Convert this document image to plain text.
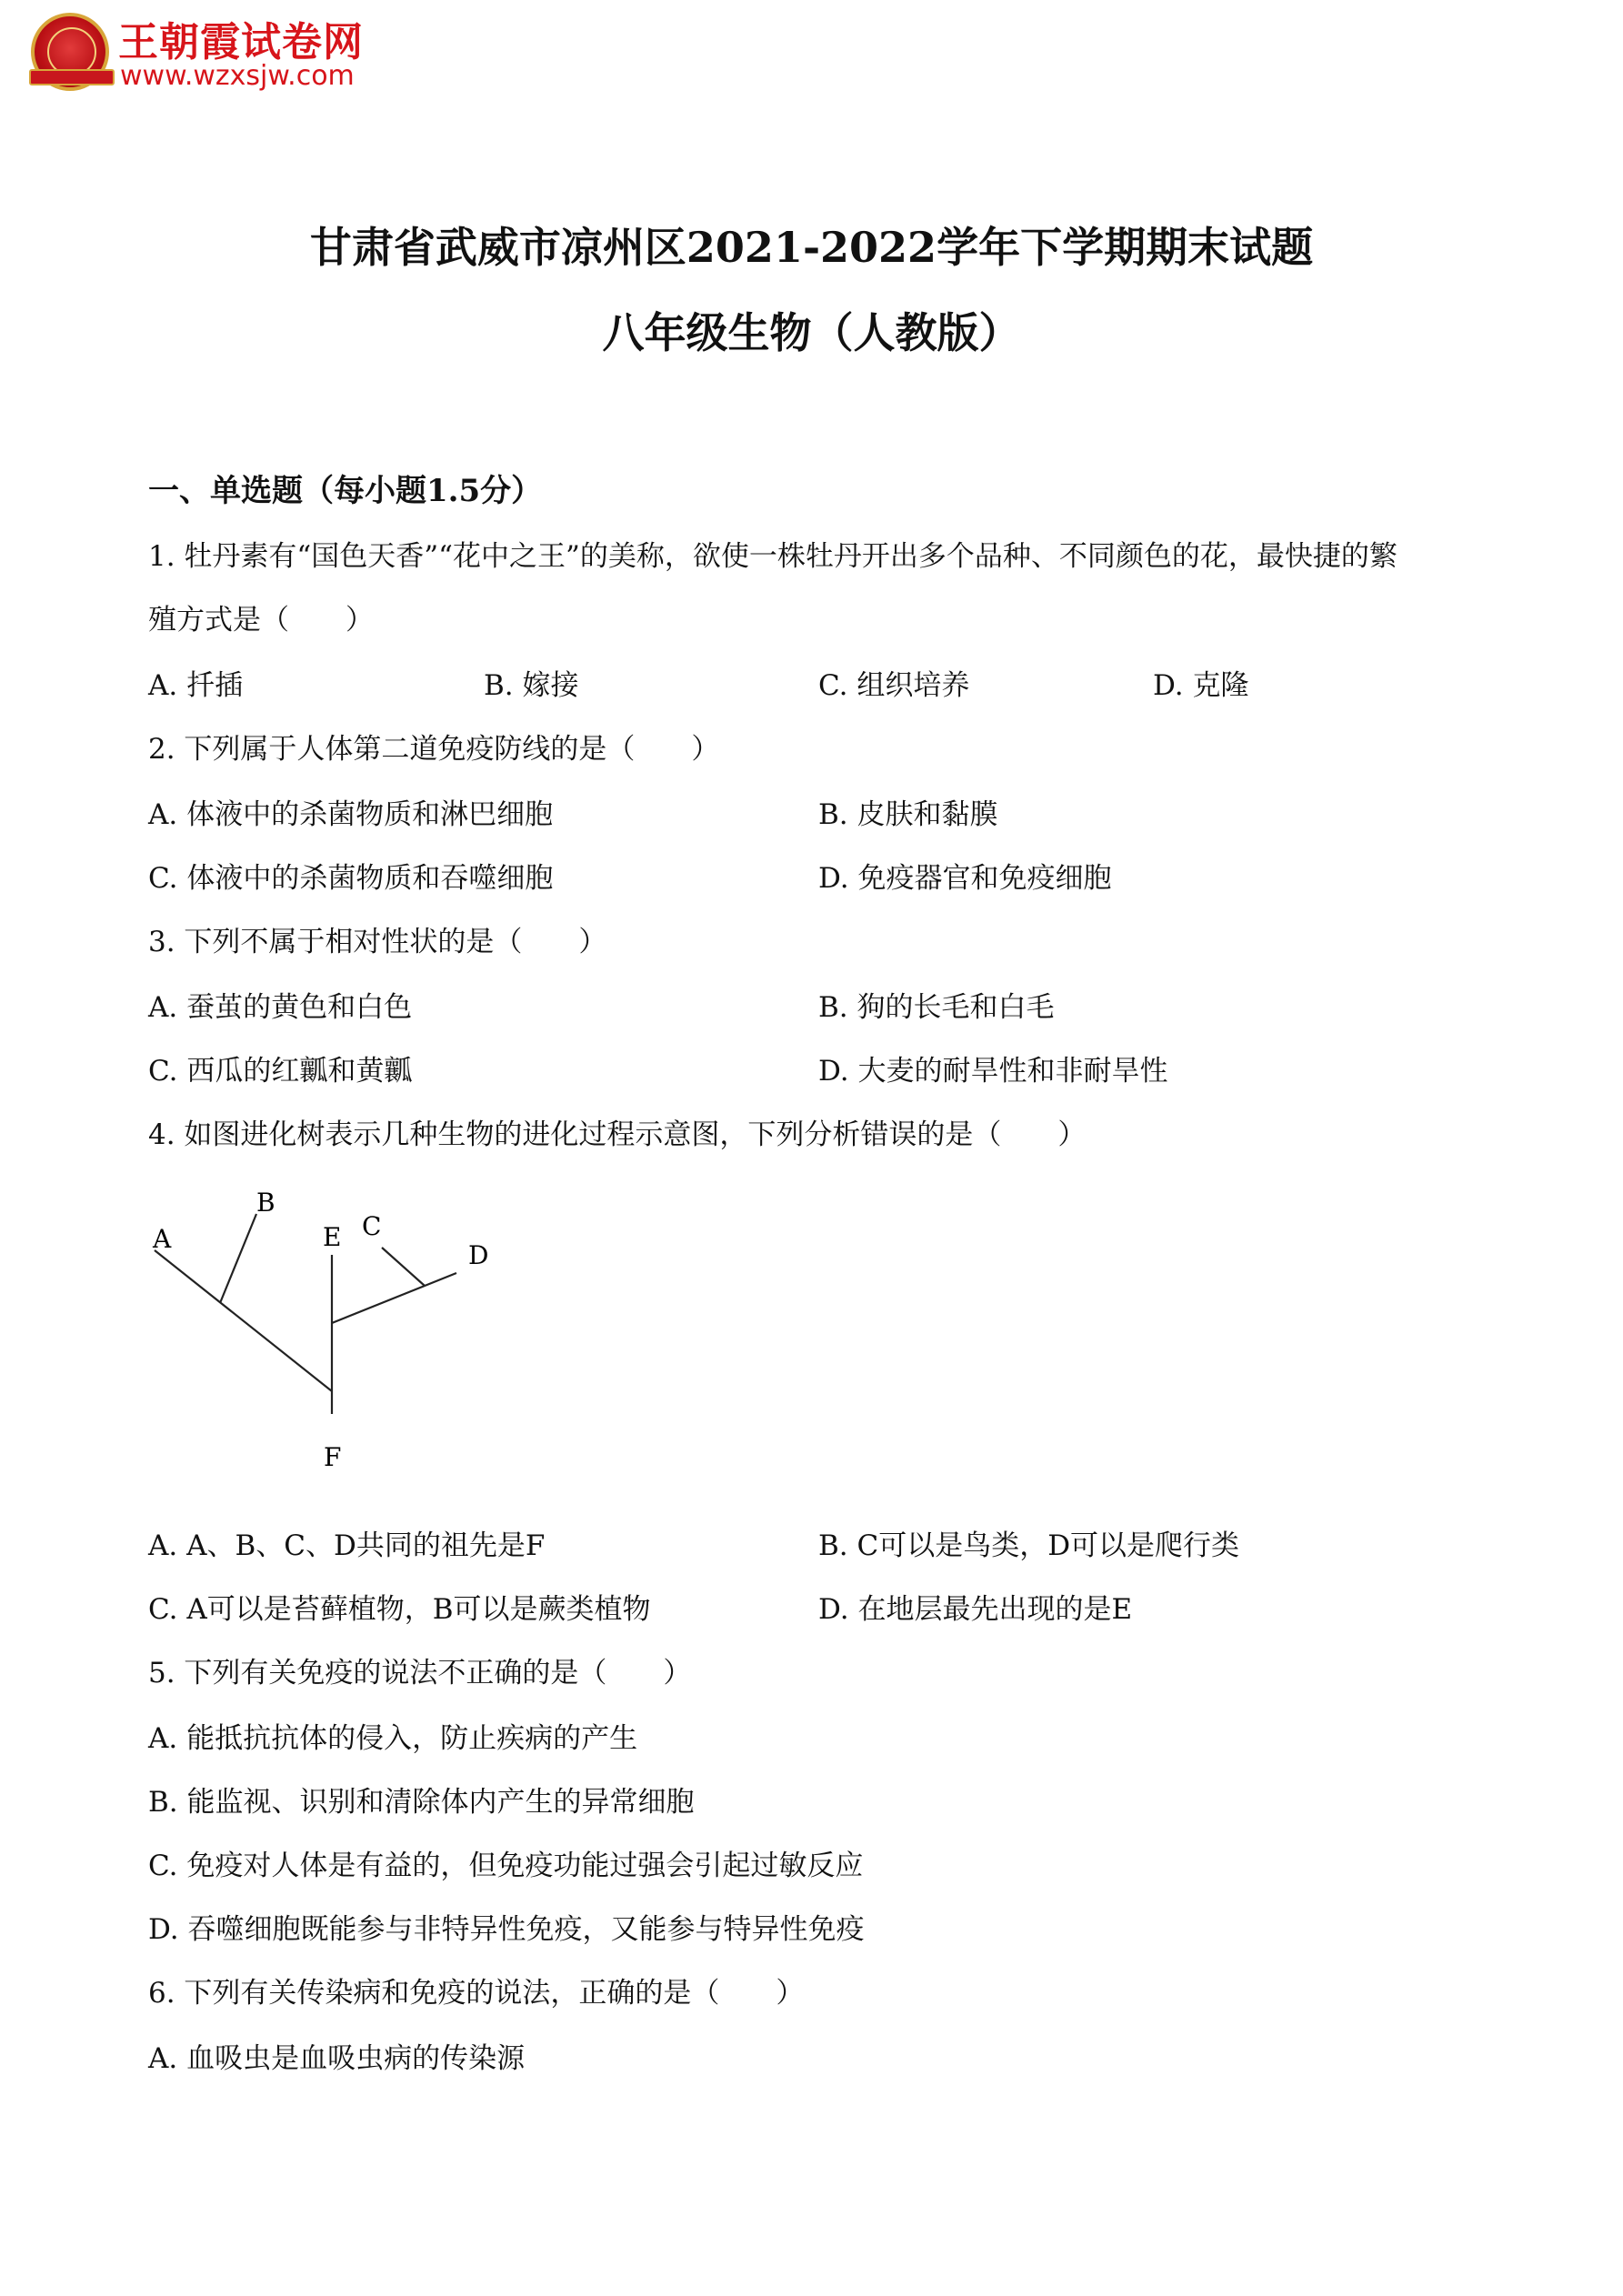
王朝霞试卷网
www.wzxsjw.com
甘肃省武威市凉州区2021-2022学年下学期期末试题
八年级生物（人教版）
一、单选题（每小题1.5分）
1. 牡丹素有“国色天香”“花中之王”的美称，欲使一株牡丹开出多个品种、不同颜色的花，最快捷的繁
殖方式是（　　）
A. 扦插	B. 嫁接	C. 组织培养	D. 克隆
2. 下列属于人体第二道免疫防线的是（　　）
A. 体液中的杀菌物质和淋巴细胞	B. 皮肤和黏膜
C. 体液中的杀菌物质和吞噬细胞	D. 免疫器官和免疫细胞
3. 下列不属于相对性状的是（　　）
A. 蚕茧的黄色和白色	B. 狗的长毛和白毛
C. 西瓜的红瓤和黄瓤	D. 大麦的耐旱性和非耐旱性
4. 如图进化树表示几种生物的进化过程示意图，下列分析错误的是（　　）
A
B
C
D
E
F
A. A、B、C、D共同的祖先是F	B. C可以是鸟类，D可以是爬行类
C. A可以是苔藓植物，B可以是蕨类植物	D. 在地层最先出现的是E
5. 下列有关免疫的说法不正确的是（　　）
A. 能抵抗抗体的侵入，防止疾病的产生
B. 能监视、识别和清除体内产生的异常细胞
C. 免疫对人体是有益的，但免疫功能过强会引起过敏反应
D. 吞噬细胞既能参与非特异性免疫，又能参与特异性免疫
6. 下列有关传染病和免疫的说法，正确的是（　　）
A. 血吸虫是血吸虫病的传染源
